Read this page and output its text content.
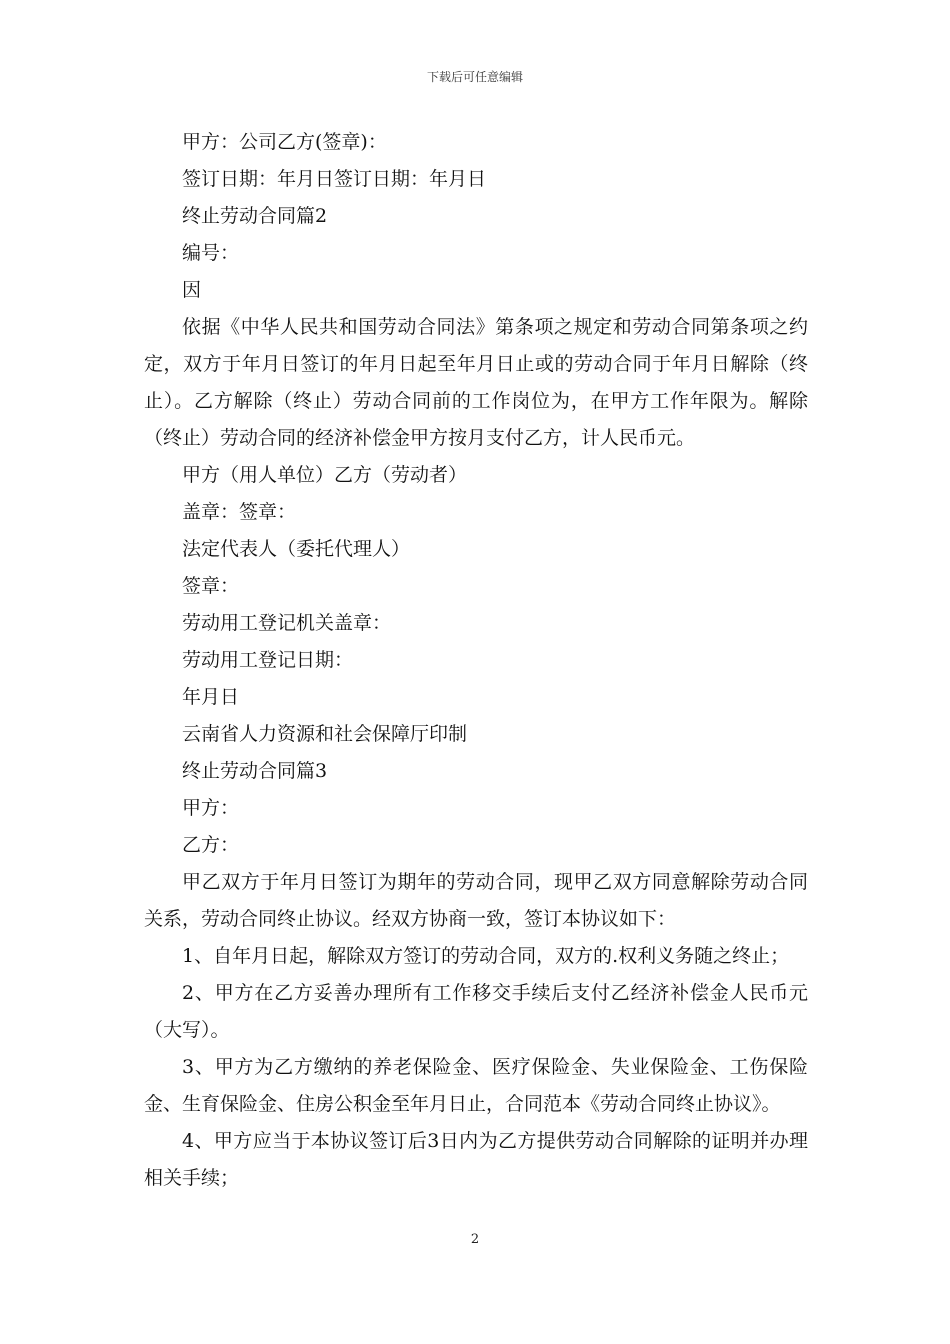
下载后可任意编辑
甲方：公司乙方(签章)：
签订日期：年月日签订日期：年月日
终止劳动合同篇2
编号：
因

依据《中华人民共和国劳动合同法》第条项之规定和劳动合同第条项之约定，双方于年月日签订的年月日起至年月日止或的劳动合同于年月日解除（终止）。乙方解除（终止）劳动合同前的工作岗位为，在甲方工作年限为。解除（终止）劳动合同的经济补偿金甲方按月支付乙方，计人民币元。

甲方（用人单位）乙方（劳动者）
盖章：签章：
法定代表人（委托代理人）
签章：
劳动用工登记机关盖章：
劳动用工登记日期：
年月日
云南省人力资源和社会保障厅印制
终止劳动合同篇3
甲方：
乙方：

甲乙双方于年月日签订为期年的劳动合同，现甲乙双方同意解除劳动合同关系，劳动合同终止协议。经双方协商一致，签订本协议如下：

1、自年月日起，解除双方签订的劳动合同，双方的.权利义务随之终止；

2、甲方在乙方妥善办理所有工作移交手续后支付乙经济补偿金人民币元（大写）。

3、甲方为乙方缴纳的养老保险金、医疗保险金、失业保险金、工伤保险金、生育保险金、住房公积金至年月日止，合同范本《劳动合同终止协议》。

4、甲方应当于本协议签订后3日内为乙方提供劳动合同解除的证明并办理相关手续；

2
